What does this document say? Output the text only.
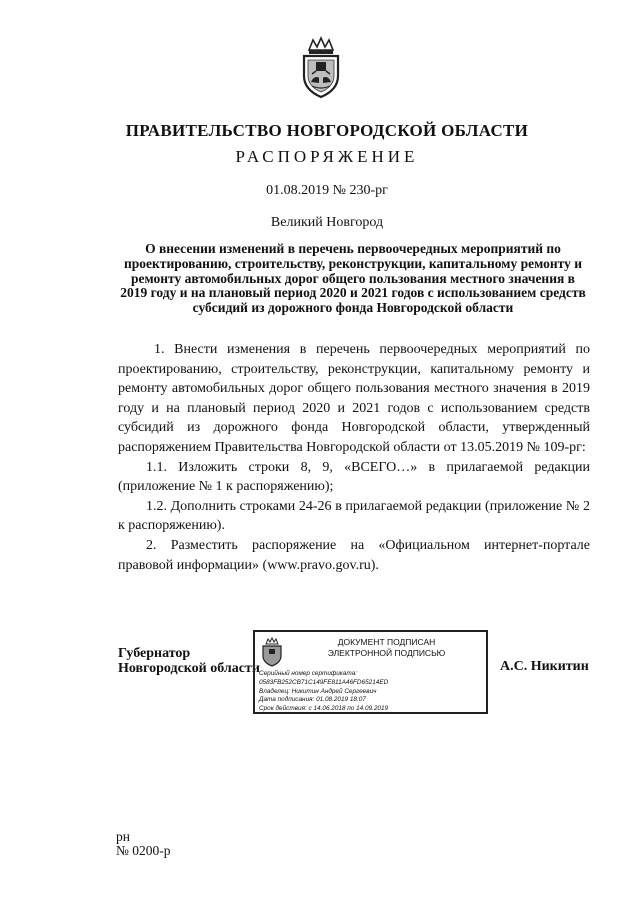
ПРАВИТЕЛЬСТВО НОВГОРОДСКОЙ ОБЛАСТИ
РАСПОРЯЖЕНИЕ
01.08.2019 № 230-рг
Великий Новгород
О внесении изменений в перечень первоочередных мероприятий по проектированию, строительству, реконструкции, капитальному ремонту и ремонту автомобильных дорог общего пользования местного значения в 2019 году и на плановый период 2020 и 2021 годов с использованием средств субсидий из дорожного фонда Новгородской области

1. Внести изменения в перечень первоочередных мероприятий по проектированию, строительству, реконструкции, капитальному ремонту и ремонту автомобильных дорог общего пользования местного значения в 2019 году и на плановый период 2020 и 2021 годов с использованием средств субсидий из дорожного фонда Новгородской области, утвержденный распоряжением Правительства Новгородской области от 13.05.2019 № 109-рг:

1.1. Изложить строки 8, 9, «ВСЕГО…» в прилагаемой редакции (приложение № 1 к распоряжению);

1.2. Дополнить строками 24-26 в прилагаемой редакции (приложение № 2 к распоряжению).

2. Разместить распоряжение на «Официальном интернет-портале правовой информации» (www.pravo.gov.ru).

Губернатор
Новгородской области
ДОКУМЕНТ ПОДПИСАН
ЭЛЕКТРОННОЙ ПОДПИСЬЮ
Серийный номер сертификата:
0583FB252CB71C149FE811A46FD65214ED
Владелец: Никитин Андрей Сергеевич
Дата подписания: 01.08.2019 18:07
Срок действия: с 14.06.2018 по 14.09.2019
А.С. Никитин
рн
№ 0200-р
